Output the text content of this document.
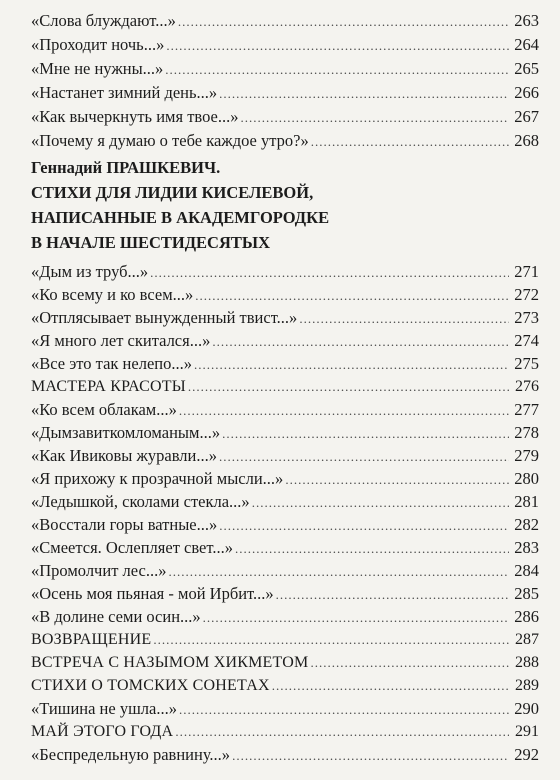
«Слова блуждают...» .....	263
«Проходит ночь...» .....	264
«Мне не нужны...» .....	265
«Настанет зимний день...» .....	266
«Как вычеркнуть имя твое...» .....	267
«Почему я думаю о тебе каждое утро?» .....	268
Геннадий ПРАШКЕВИЧ.
СТИХИ ДЛЯ ЛИДИИ КИСЕЛЕВОЙ,
НАПИСАННЫЕ В АКАДЕМГОРОДКЕ
В НАЧАЛЕ ШЕСТИДЕСЯТЫХ
«Дым из труб...» .....	271
«Ко всему и ко всем...» .....	272
«Отплясывает вынужденный твист...» .....	273
«Я много лет скитался...» .....	274
«Все это так нелепо...» .....	275
МАСТЕРА КРАСОТЫ .....	276
«Ко всем облакам...» .....	277
«Дымзавиткомломаным...» .....	278
«Как Ивиковы журавли...» .....	279
«Я прихожу к прозрачной мысли...» .....	280
«Ледышкой, сколами стекла...» .....	281
«Восстали горы ватные...» .....	282
«Смеется. Ослепляет свет...» .....	283
«Промолчит лес...» .....	284
«Осень моя пьяная - мой Ирбит...» .....	285
«В долине семи осин...» .....	286
ВОЗВРАЩЕНИЕ .....	287
ВСТРЕЧА С НАЗЫМОМ ХИКМЕТОМ .....	288
СТИХИ О ТОМСКИХ СОНЕТАХ .....	289
«Тишина не ушла...» .....	290
МАЙ ЭТОГО ГОДА .....	291
«Беспредельную равнину...» .....	292
